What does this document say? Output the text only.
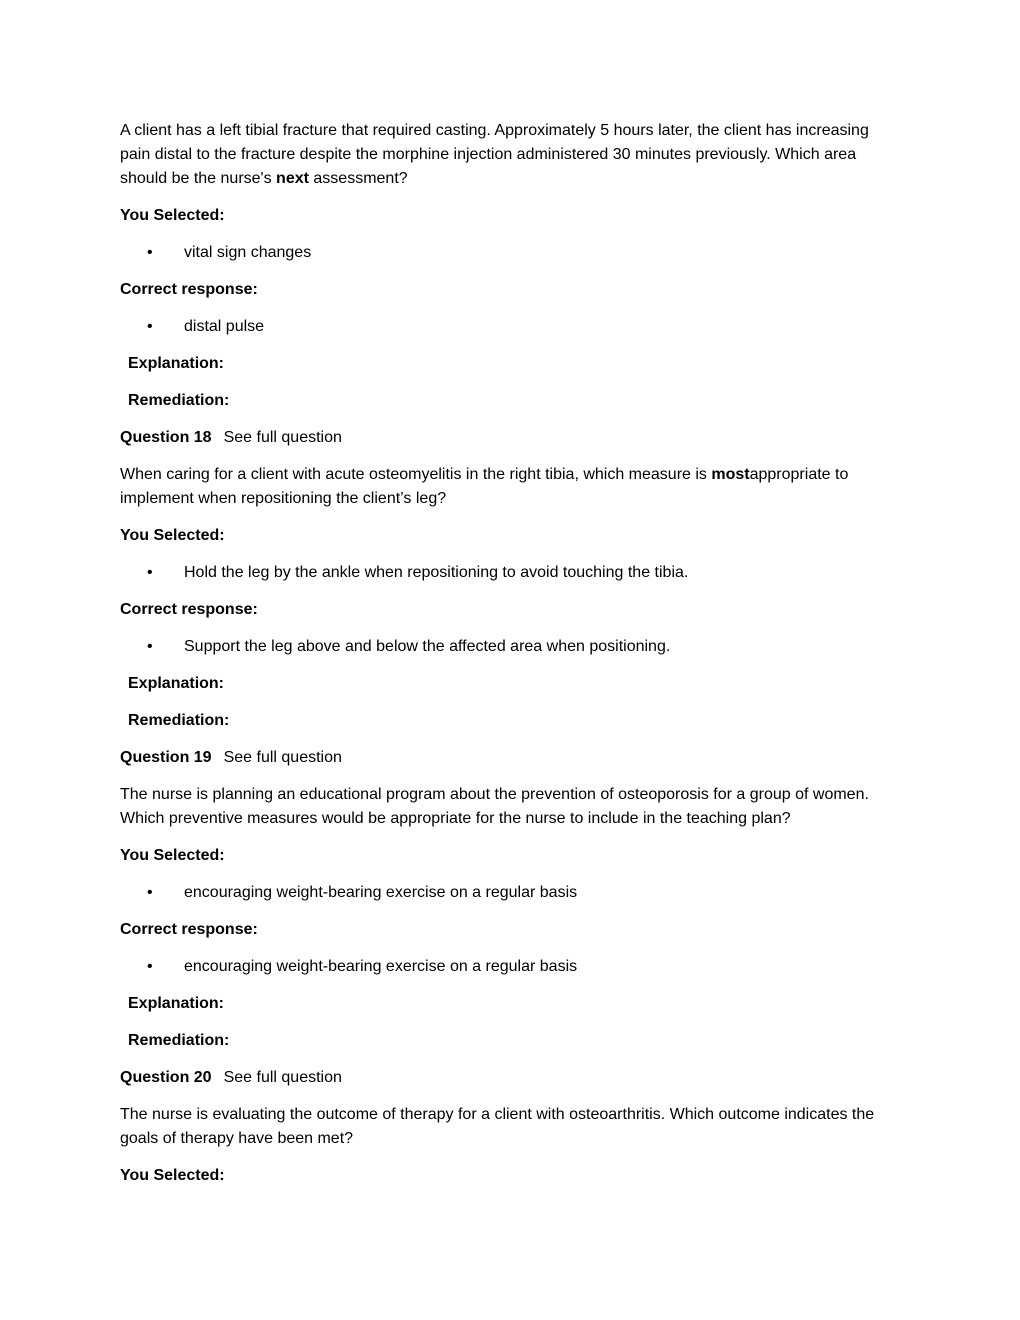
A client has a left tibial fracture that required casting. Approximately 5 hours later, the client has increasing pain distal to the fracture despite the morphine injection administered 30 minutes previously. Which area should be the nurse's next assessment?

You Selected:
• vital sign changes
Correct response:
• distal pulse
Explanation:
Remediation:
Question 18 See full question

When caring for a client with acute osteomyelitis in the right tibia, which measure is mostappropriate to implement when repositioning the client’s leg?

You Selected:
• Hold the leg by the ankle when repositioning to avoid touching the tibia.
Correct response:
• Support the leg above and below the affected area when positioning.
Explanation:
Remediation:
Question 19 See full question

The nurse is planning an educational program about the prevention of osteoporosis for a group of women. Which preventive measures would be appropriate for the nurse to include in the teaching plan?

You Selected:
• encouraging weight-bearing exercise on a regular basis
Correct response:
• encouraging weight-bearing exercise on a regular basis
Explanation:
Remediation:
Question 20 See full question

The nurse is evaluating the outcome of therapy for a client with osteoarthritis. Which outcome indicates the goals of therapy have been met?

You Selected:
